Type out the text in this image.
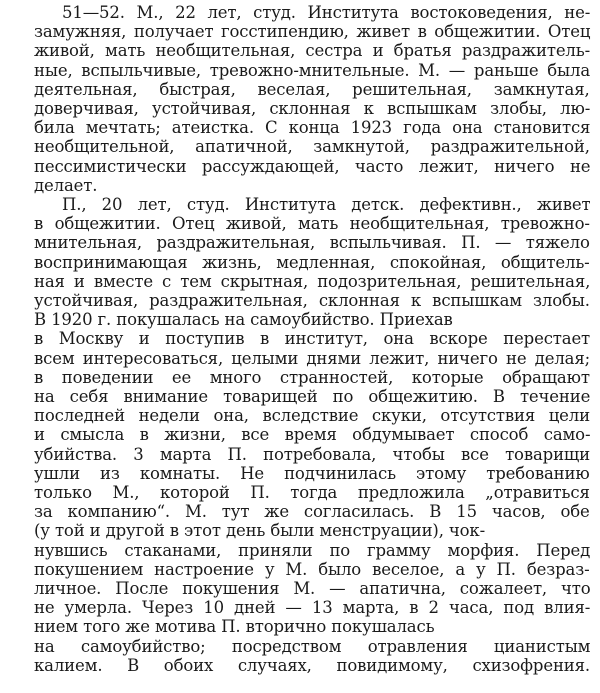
51—52. М., 22 лет, студ. Института востоковедения, не-
замужняя, получает госстипендию, живет в общежитии. Отец
живой, мать необщительная, сестра и братья раздражитель-
ные, вспыльчивые, тревожно-мнительные. М. — раньше была
деятельная, быстрая, веселая, решительная, замкнутая,
доверчивая, устойчивая, склонная к вспышкам злобы, лю-
била мечтать; атеистка. С конца 1923 года она становится
необщительной, апатичной, замкнутой, раздражительной,
пессимистически рассуждающей, часто лежит, ничего не
делает.
П., 20 лет, студ. Института детск. дефективн., живет
в общежитии. Отец живой, мать необщительная, тревожно-
мнительная, раздражительная, вспыльчивая. П. — тяжело
воспринимающая жизнь, медленная, спокойная, общитель-
ная и вместе с тем скрытная, подозрительная, решительная,
устойчивая, раздражительная, склонная к вспышкам злобы.
В 1920 г. покушалась на самоубийство. Приехав
в Москву и поступив в институт, она вскоре перестает
всем интересоваться, целыми днями лежит, ничего не делая;
в поведении ее много странностей, которые обращают
на себя внимание товарищей по общежитию. В течение
последней недели она, вследствие скуки, отсутствия цели
и смысла в жизни, все время обдумывает способ само-
убийства. 3 марта П. потребовала, чтобы все товарищи
ушли из комнаты. Не подчинилась этому требованию
только М., которой П. тогда предложила „отравиться
за компанию“. М. тут же согласилась. В 15 часов, обе
(у той и другой в этот день были менструации), чок-
нувшись стаканами, приняли по грамму морфия. Перед
покушением настроение у М. было веселое, а у П. безраз-
личное. После покушения М. — апатична, сожалеет, что
не умерла. Через 10 дней — 13 марта, в 2 часа, под влия-
нием того же мотива П. вторично покушалась
на самоубийство; посредством отравления цианистым
калием. В обоих случаях, повидимому, схизофрения.
